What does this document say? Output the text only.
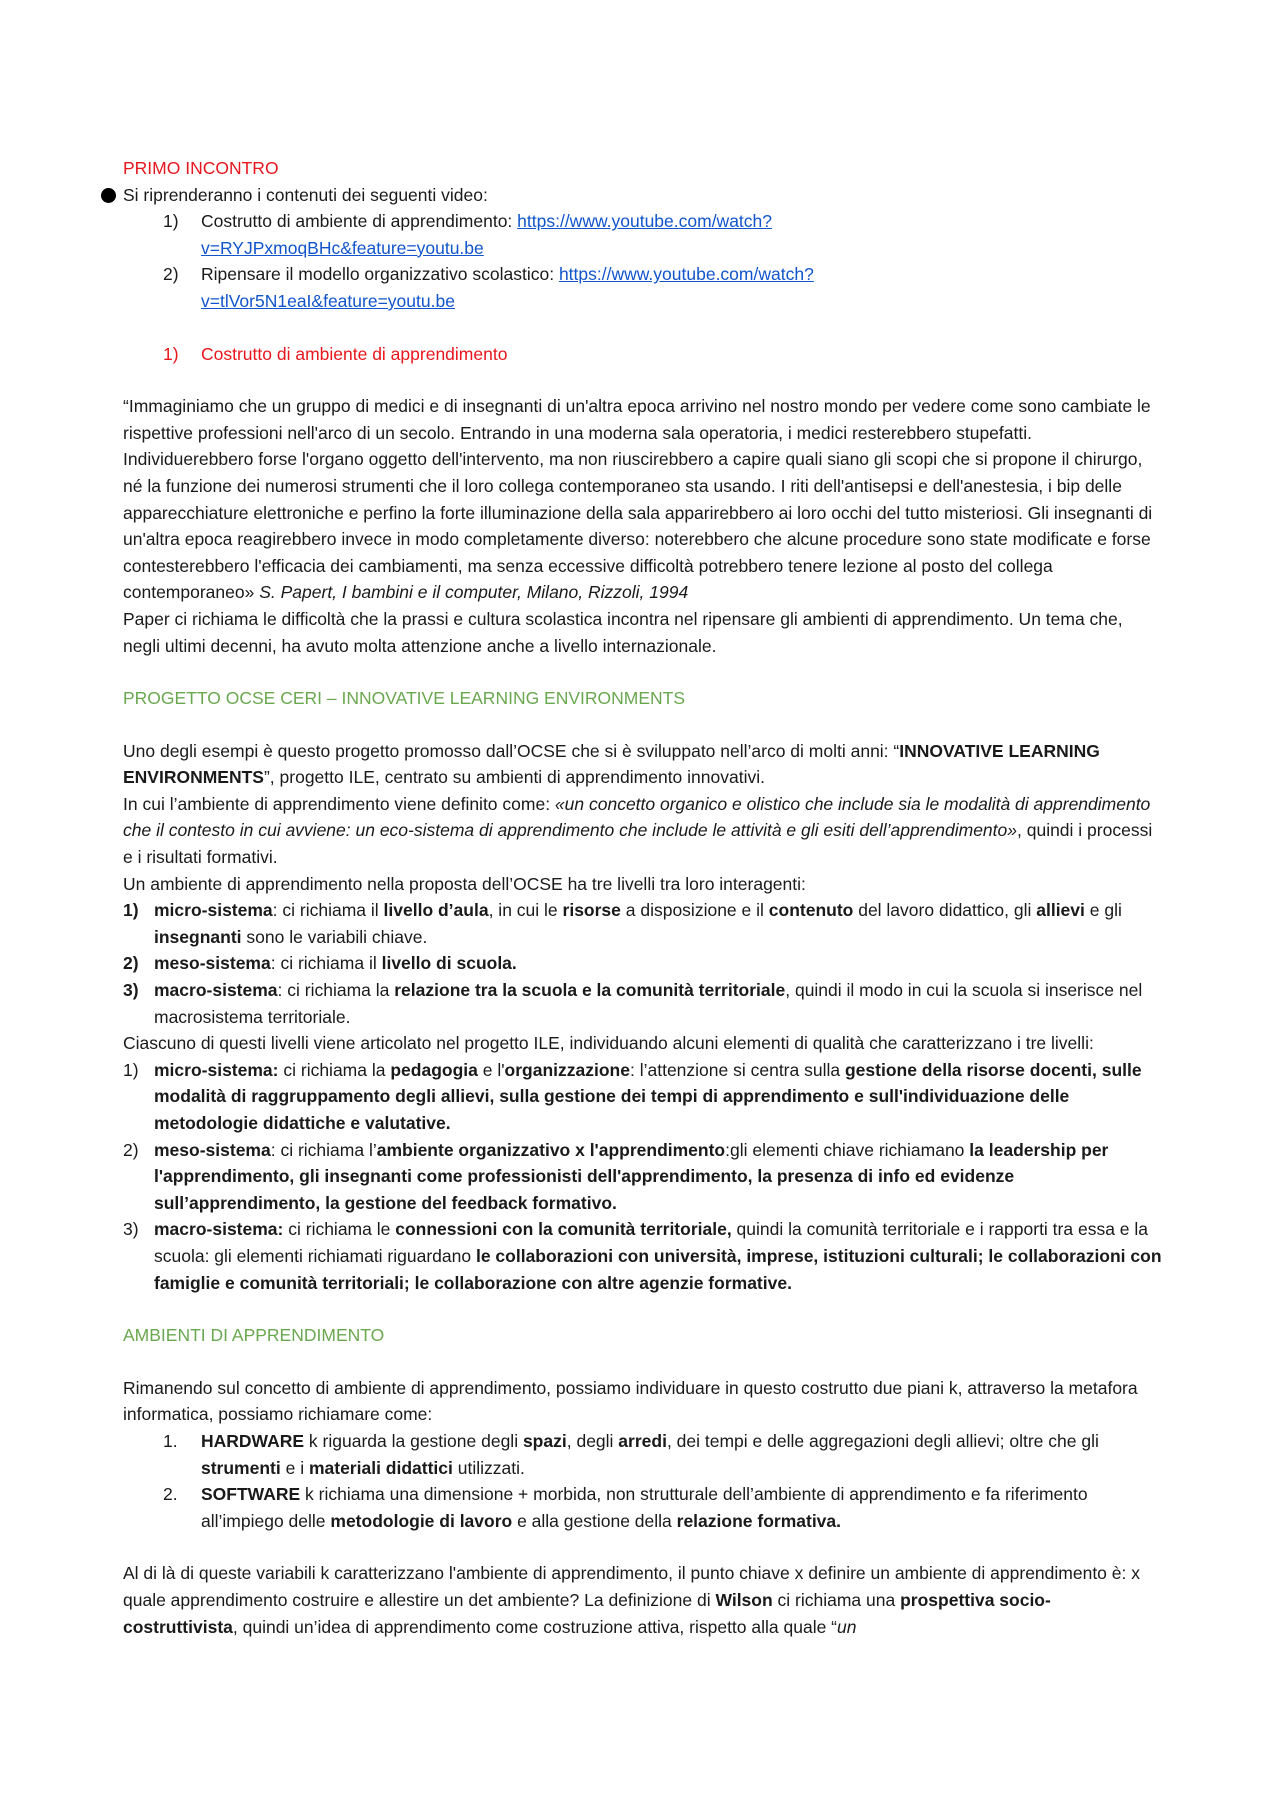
PRIMO INCONTRO

Si riprenderanno i contenuti dei seguenti video:

1) Costrutto di ambiente di apprendimento: https://www.youtube.com/watch?
v=RYJPxmoqBHc&feature=youtu.be
2) Ripensare il modello organizzativo scolastico: https://www.youtube.com/watch?
v=tlVor5N1eaI&feature=youtu.be
1) Costrutto di ambiente di apprendimento

“Immaginiamo che un gruppo di medici e di insegnanti di un'altra epoca arrivino nel nostro mondo per vedere come sono cambiate le rispettive professioni nell'arco di un secolo. Entrando in una moderna sala operatoria, i medici resterebbero stupefatti. Individuerebbero forse l'organo oggetto dell'intervento, ma non riuscirebbero a capire quali siano gli scopi che si propone il chirurgo, né la funzione dei numerosi strumenti che il loro collega contemporaneo sta usando. I riti dell'antisepsi e dell'anestesia, i bip delle apparecchiature elettroniche e perfino la forte illuminazione della sala apparirebbero ai loro occhi del tutto misteriosi. Gli insegnanti di un'altra epoca reagirebbero invece in modo completamente diverso: noterebbero che alcune procedure sono state modificate e forse contesterebbero l'efficacia dei cambiamenti, ma senza eccessive difficoltà potrebbero tenere lezione al posto del collega contemporaneo» S. Papert, I bambini e il computer, Milano, Rizzoli, 1994

Paper ci richiama le difficoltà che la prassi e cultura scolastica incontra nel ripensare gli ambienti di apprendimento. Un tema che, negli ultimi decenni, ha avuto molta attenzione anche a livello internazionale.

PROGETTO OCSE CERI – INNOVATIVE LEARNING ENVIRONMENTS

Uno degli esempi è questo progetto promosso dall’OCSE che si è sviluppato nell’arco di molti anni: “INNOVATIVE LEARNING ENVIRONMENTS”, progetto ILE, centrato su ambienti di apprendimento innovativi.

In cui l’ambiente di apprendimento viene definito come: «un concetto organico e olistico che include sia le modalità di apprendimento che il contesto in cui avviene: un eco-sistema di apprendimento che include le attività e gli esiti dell’apprendimento», quindi i processi e i risultati formativi.

Un ambiente di apprendimento nella proposta dell’OCSE ha tre livelli tra loro interagenti:

1) micro-sistema: ci richiama il livello d’aula, in cui le risorse a disposizione e il contenuto del lavoro didattico, gli allievi e gli insegnanti sono le variabili chiave.
2) meso-sistema: ci richiama il livello di scuola.
3) macro-sistema: ci richiama la relazione tra la scuola e la comunità territoriale, quindi il modo in cui la scuola si inserisce nel macrosistema territoriale.

Ciascuno di questi livelli viene articolato nel progetto ILE, individuando alcuni elementi di qualità che caratterizzano i tre livelli:

1) micro-sistema: ci richiama la pedagogia e l'organizzazione: l’attenzione si centra sulla gestione della risorse docenti, sulle modalità di raggruppamento degli allievi, sulla gestione dei tempi di apprendimento e sull'individuazione delle metodologie didattiche e valutative.
2) meso-sistema: ci richiama l’ambiente organizzativo x l'apprendimento:gli elementi chiave richiamano la leadership per l'apprendimento, gli insegnanti come professionisti dell'apprendimento, la presenza di info ed evidenze sull’apprendimento, la gestione del feedback formativo.
3) macro-sistema: ci richiama le connessioni con la comunità territoriale, quindi la comunità territoriale e i rapporti tra essa e la scuola: gli elementi richiamati riguardano le collaborazioni con università, imprese, istituzioni culturali; le collaborazioni con famiglie e comunità territoriali; le collaborazione con altre agenzie formative.

AMBIENTI DI APPRENDIMENTO

Rimanendo sul concetto di ambiente di apprendimento, possiamo individuare in questo costrutto due piani k, attraverso la metafora informatica, possiamo richiamare come:

1. HARDWARE k riguarda la gestione degli spazi, degli arredi, dei tempi e delle aggregazioni degli allievi; oltre che gli strumenti e i materiali didattici utilizzati.
2. SOFTWARE k richiama una dimensione + morbida, non strutturale dell’ambiente di apprendimento e fa riferimento all’impiego delle metodologie di lavoro e alla gestione della relazione formativa.

Al di là di queste variabili k caratterizzano l'ambiente di apprendimento, il punto chiave x definire un ambiente di apprendimento è: x quale apprendimento costruire e allestire un det ambiente? La definizione di Wilson ci richiama una prospettiva socio-costruttivista, quindi un’idea di apprendimento come costruzione attiva, rispetto alla quale “un
